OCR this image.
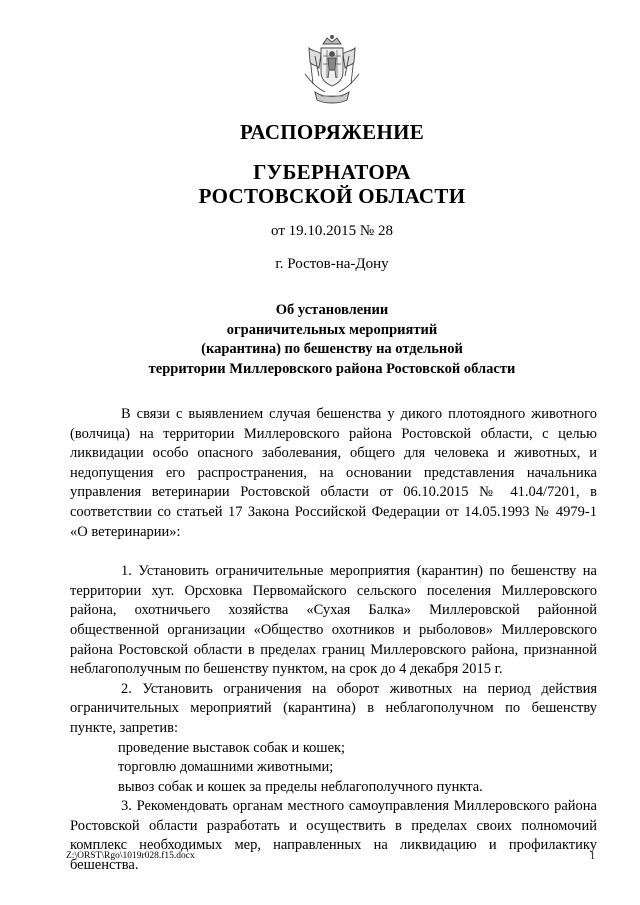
РАСПОРЯЖЕНИЕ
ГУБЕРНАТОРА
РОСТОВСКОЙ ОБЛАСТИ
от 19.10.2015 № 28
г. Ростов-на-Дону
Об установлении
ограничительных мероприятий
(карантина) по бешенству на отдельной
территории Миллеровского района Ростовской области

В связи с выявлением случая бешенства у дикого плотоядного животного (волчица) на территории Миллеровского района Ростовской области, с целью ликвидации особо опасного заболевания, общего для человека и животных, и недопущения его распространения, на основании представления начальника управления ветеринарии Ростовской области от 06.10.2015 № 41.04/7201, в соответствии со статьей 17 Закона Российской Федерации от 14.05.1993 № 4979-1 «О ветеринарии»:

1. Установить ограничительные мероприятия (карантин) по бешенству на территории хут. Орсховка Первомайского сельского поселения Миллеровского района, охотничьего хозяйства «Сухая Балка» Миллеровской районной общественной организации «Общество охотников и рыболовов» Миллеровского района Ростовской области в пределах границ Миллеровского района, признанной неблагополучным по бешенству пунктом, на срок до 4 декабря 2015 г.

2. Установить ограничения на оборот животных на период действия ограничительных мероприятий (карантина) в неблагополучном по бешенству пункте, запретив:

проведение выставок собак и кошек;

торговлю домашними животными;

вывоз собак и кошек за пределы неблагополучного пункта.

3. Рекомендовать органам местного самоуправления Миллеровского района Ростовской области разработать и осуществить в пределах своих полномочий комплекс необходимых мер, направленных на ликвидацию и профилактику бешенства.

Z:\ORST\Rgo\1019r028.f15.docx	1
